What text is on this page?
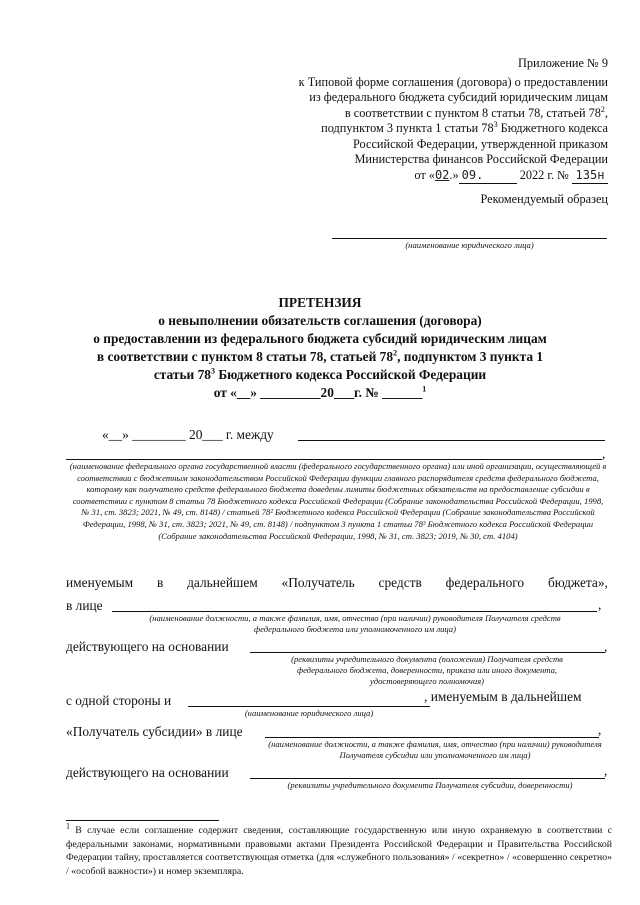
Приложение № 9
к Типовой форме соглашения (договора) о предоставлении
из федерального бюджета субсидий юридическим лицам
в соответствии с пунктом 8 статьи 78, статьей $78^2$,
подпунктом 3 пункта 1 статьи $78^3$ Бюджетного кодекса
Российской Федерации, утвержденной приказом
Министерства финансов Российской Федерации
от «02.» 09.	2022 г. № 135н
Рекомендуемый образец
(наименование юридического лица)
ПРЕТЕНЗИЯ
о невыполнении обязательств соглашения (договора)
о предоставлении из федерального бюджета субсидий юридическим лицам
в соответствии с пунктом 8 статьи 78, статьей $78^2$, подпунктом 3 пункта 1
статьи $78^3$ Бюджетного кодекса Российской Федерации
от «__» _________20___г. № ______$^1$
«__» ________ 20___ г. между
,
(наименование федерального органа государственной власти (федерального государственного органа) или иной организации, осуществляющей в соответствии с бюджетным законодательством Российской Федерации функции главного распорядителя средств федерального бюджета, которому как получателю средств федерального бюджета доведены лимиты бюджетных обязательств на предоставление субсидии в соответствии с пунктом 8 статьи 78 Бюджетного кодекса Российской Федерации (Собрание законодательства Российской Федерации, 1998, № 31, ст. 3823; 2021, № 49, ст. 8148) / статьей 78² Бюджетного кодекса Российской Федерации (Собрание законодательства Российской Федерации, 1998, № 31, ст. 3823; 2021, № 49, ст. 8148) / подпунктом 3 пункта 1 статьи 78³ Бюджетного кодекса Российской Федерации (Собрание законодательства Российской Федерации, 1998, № 31, ст. 3823; 2019, № 30, ст. 4104)
именуемым в дальнейшем «Получатель средств федерального бюджета»,
в лице	,
(наименование должности, а также фамилия, имя, отчество (при наличии) руководителя Получателя средств федерального бюджета или уполномоченного им лица)
действующего на основании	,
(реквизиты учредительного документа (положения) Получателя средств федерального бюджета, доверенности, приказа или иного документа, удостоверяющего полномочия)
с одной стороны и	, именуемым в дальнейшем
(наименование юридического лица)
«Получатель субсидии» в лице	,
(наименование должности, а также фамилия, имя, отчество (при наличии) руководителя Получателя субсидии или уполномоченного им лица)
действующего на основании	,
(реквизиты учредительного документа Получателя субсидии, доверенности)
$^1$ В случае если соглашение содержит сведения, составляющие государственную или иную охраняемую в соответствии с федеральными законами, нормативными правовыми актами Президента Российской Федерации и Правительства Российской Федерации тайну, проставляется соответствующая отметка (для «служебного пользования» / «секретно» / «совершенно секретно» / «особой важности») и номер экземпляра.
